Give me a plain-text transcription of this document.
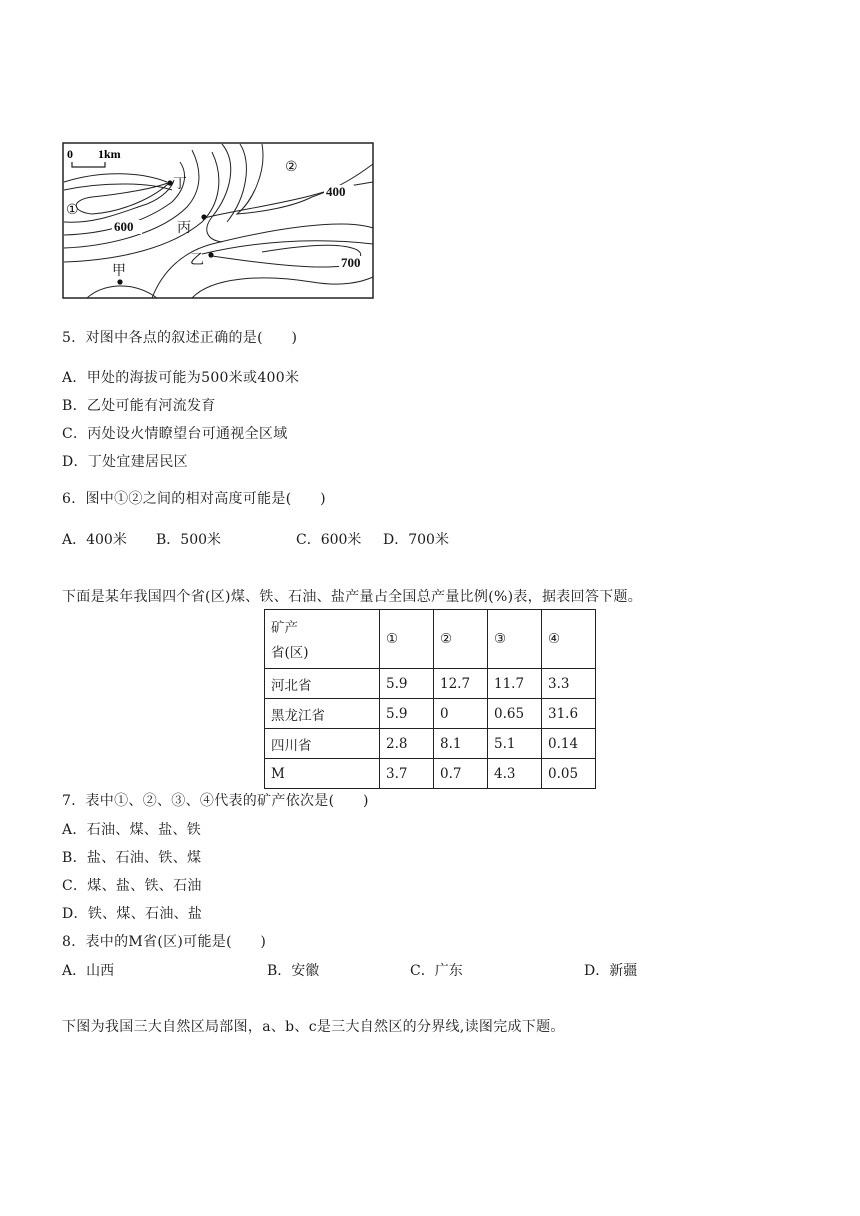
0 1km
①
②
丁
丙
乙
甲
400
600
700
5．对图中各点的叙述正确的是(　　)
A．甲处的海拔可能为500米或400米
B．乙处可能有河流发育
C．丙处设火情瞭望台可通视全区域
D．丁处宜建居民区
6．图中①②之间的相对高度可能是(　　)
A．400米 B．500米	C．600米 D．700米
下面是某年我国四个省(区)煤、铁、石油、盐产量占全国总产量比例(%)表，据表回答下题。
矿产
省(区)	①	②	③	④
河北省	5.9	12.7	11.7	3.3
黑龙江省	5.9	0	0.65	31.6
四川省	2.8	8.1	5.1	0.14
M	3.7	0.7	4.3	0.05
7．表中①、②、③、④代表的矿产依次是(　　)
A．石油、煤、盐、铁
B．盐、石油、铁、煤
C．煤、盐、铁、石油
D．铁、煤、石油、盐
8．表中的M省(区)可能是(　　)
A．山西	B．安徽	C．广东	D．新疆
下图为我国三大自然区局部图，a、b、c是三大自然区的分界线,读图完成下题。
